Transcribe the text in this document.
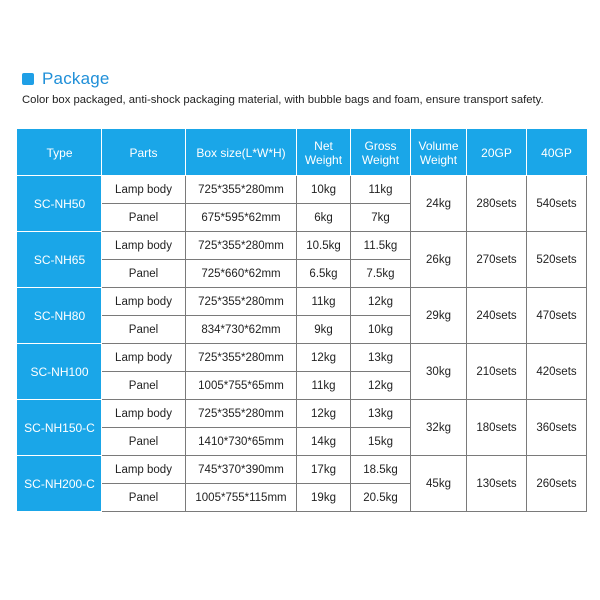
Package
Color box packaged, anti-shock packaging material, with bubble bags and foam, ensure transport safety.
Type	Parts	Box size(L*W*H)	Net Weight	Gross Weight	Volume Weight	20GP	40GP
SC-NH50	Lamp body	725*355*280mm	10kg	11kg	24kg	280sets	540sets
	Panel	675*595*62mm	6kg	7kg			
SC-NH65	Lamp body	725*355*280mm	10.5kg	11.5kg	26kg	270sets	520sets
	Panel	725*660*62mm	6.5kg	7.5kg			
SC-NH80	Lamp body	725*355*280mm	11kg	12kg	29kg	240sets	470sets
	Panel	834*730*62mm	9kg	10kg			
SC-NH100	Lamp body	725*355*280mm	12kg	13kg	30kg	210sets	420sets
	Panel	1005*755*65mm	11kg	12kg			
SC-NH150-C	Lamp body	725*355*280mm	12kg	13kg	32kg	180sets	360sets
	Panel	1410*730*65mm	14kg	15kg			
SC-NH200-C	Lamp body	745*370*390mm	17kg	18.5kg	45kg	130sets	260sets
	Panel	1005*755*115mm	19kg	20.5kg			
